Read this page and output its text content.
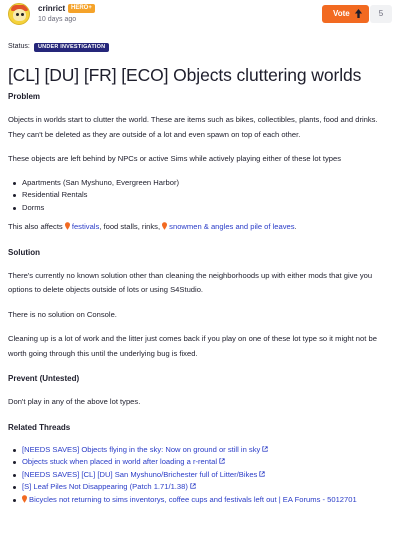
crinrict HERO+
10 days ago
Vote	5
Status:	UNDER INVESTIGATION
[CL] [DU] [FR] [ECO] Objects cluttering worlds
Problem

Objects in worlds start to clutter the world. These are items such as bikes, collectibles, plants, food and drinks. They can't be deleted as they are outside of a lot and even spawn on top of each other.

These objects are left behind by NPCs or active Sims while actively playing either of these lot types

Apartments (San Myshuno, Evergreen Harbor)
Residential Rentals
Dorms

This also affects festivals, food stalls, rinks, snowmen & angles and pile of leaves.

Solution

There's currently no known solution other than cleaning the neighborhoods up with either mods that give you options to delete objects outside of lots or using S4Studio.

There is no solution on Console.

Cleaning up is a lot of work and the litter just comes back if you play on one of these lot type so it might not be worth going through this until the underlying bug is fixed.

Prevent (Untested)

Don't play in any of the above lot types.

Related Threads
[NEEDS SAVES] Objects flying in the sky: Now on ground or still in sky
Objects stuck when placed in world after loading a r-rental
[NEEDS SAVES] [CL] [DU] San Myshuno/Brichester full of Litter/Bikes
[S] Leaf Piles Not Disappearing (Patch 1.71/1.38)
Bicycles not returning to sims inventorys, coffee cups and festivals left out | EA Forums - 5012701
